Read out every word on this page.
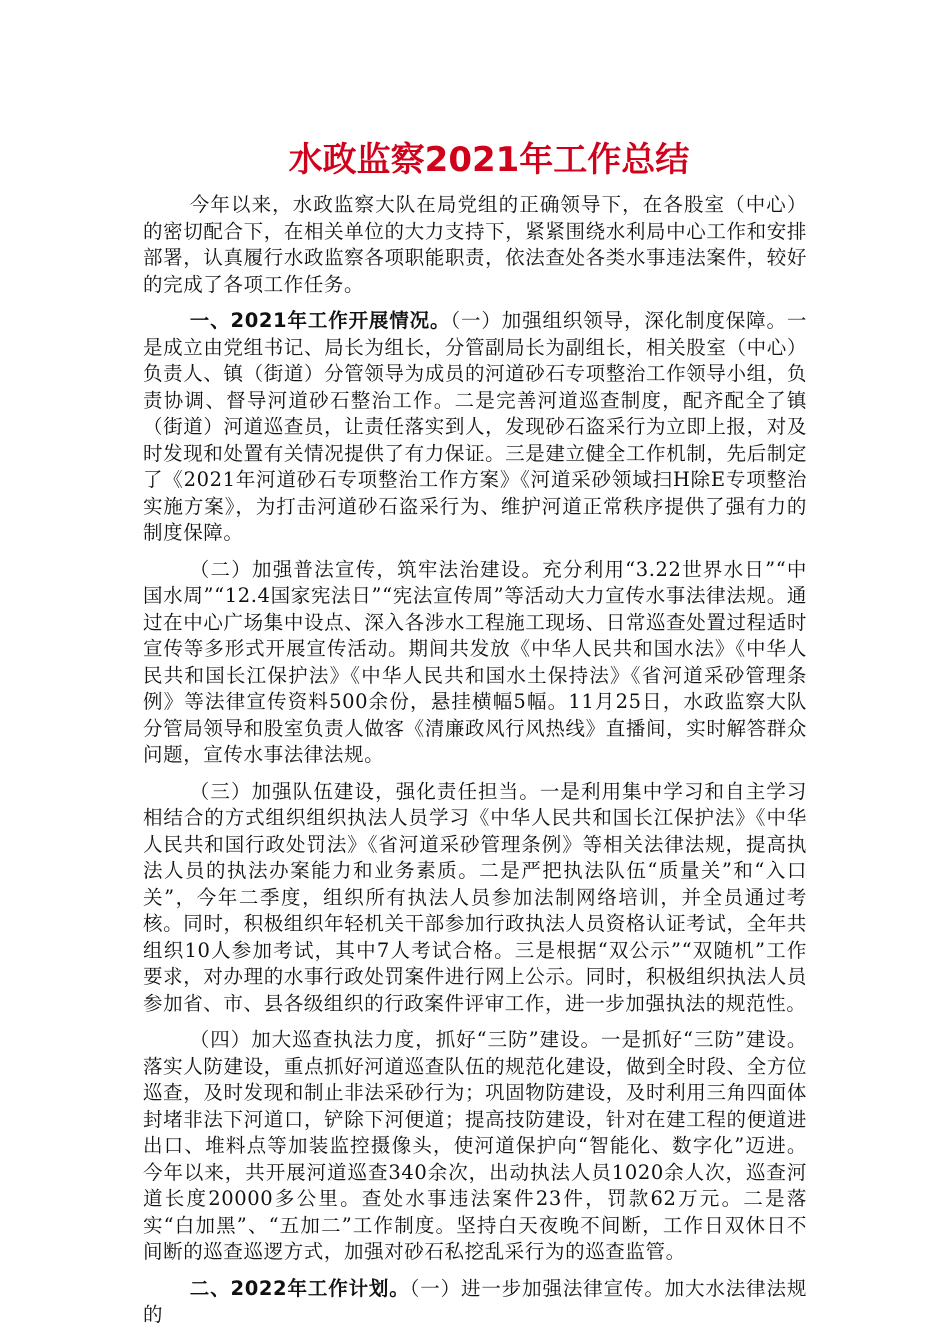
水政监察2021年工作总结

今年以来，水政监察大队在局党组的正确领导下，在各股室（中心）的密切配合下，在相关单位的大力支持下，紧紧围绕水利局中心工作和安排部署，认真履行水政监察各项职能职责，依法查处各类水事违法案件，较好的完成了各项工作任务。

一、2021年工作开展情况。（一）加强组织领导，深化制度保障。一是成立由党组书记、局长为组长，分管副局长为副组长，相关股室（中心）负责人、镇（街道）分管领导为成员的河道砂石专项整治工作领导小组，负责协调、督导河道砂石整治工作。二是完善河道巡查制度，配齐配全了镇（街道）河道巡查员，让责任落实到人，发现砂石盗采行为立即上报，对及时发现和处置有关情况提供了有力保证。三是建立健全工作机制，先后制定了《2021年河道砂石专项整治工作方案》《河道采砂领域扫H除E专项整治实施方案》，为打击河道砂石盗采行为、维护河道正常秩序提供了强有力的制度保障。

（二）加强普法宣传，筑牢法治建设。充分利用“3.22世界水日”“中国水周”“12.4国家宪法日”“宪法宣传周”等活动大力宣传水事法律法规。通过在中心广场集中设点、深入各涉水工程施工现场、日常巡查处置过程适时宣传等多形式开展宣传活动。期间共发放《中华人民共和国水法》《中华人民共和国长江保护法》《中华人民共和国水土保持法》《省河道采砂管理条例》等法律宣传资料500余份，悬挂横幅5幅。11月25日，水政监察大队分管局领导和股室负责人做客《清廉政风行风热线》直播间，实时解答群众问题，宣传水事法律法规。

（三）加强队伍建设，强化责任担当。一是利用集中学习和自主学习相结合的方式组织组织执法人员学习《中华人民共和国长江保护法》《中华人民共和国行政处罚法》《省河道采砂管理条例》等相关法律法规，提高执法人员的执法办案能力和业务素质。二是严把执法队伍“质量关”和“入口关”，今年二季度，组织所有执法人员参加法制网络培训，并全员通过考核。同时，积极组织年轻机关干部参加行政执法人员资格认证考试，全年共组织10人参加考试，其中7人考试合格。三是根据“双公示”“双随机”工作要求，对办理的水事行政处罚案件进行网上公示。同时，积极组织执法人员参加省、市、县各级组织的行政案件评审工作，进一步加强执法的规范性。

（四）加大巡查执法力度，抓好“三防”建设。一是抓好“三防”建设。落实人防建设，重点抓好河道巡查队伍的规范化建设，做到全时段、全方位巡查，及时发现和制止非法采砂行为；巩固物防建设，及时利用三角四面体封堵非法下河道口，铲除下河便道；提高技防建设，针对在建工程的便道进出口、堆料点等加装监控摄像头，使河道保护向“智能化、数字化”迈进。今年以来，共开展河道巡查340余次，出动执法人员1020余人次，巡查河道长度20000多公里。查处水事违法案件23件，罚款62万元。二是落实“白加黑”、“五加二”工作制度。坚持白天夜晚不间断，工作日双休日不间断的巡查巡逻方式，加强对砂石私挖乱采行为的巡查监管。

二、2022年工作计划。（一）进一步加强法律宣传。加大水法律法规的
